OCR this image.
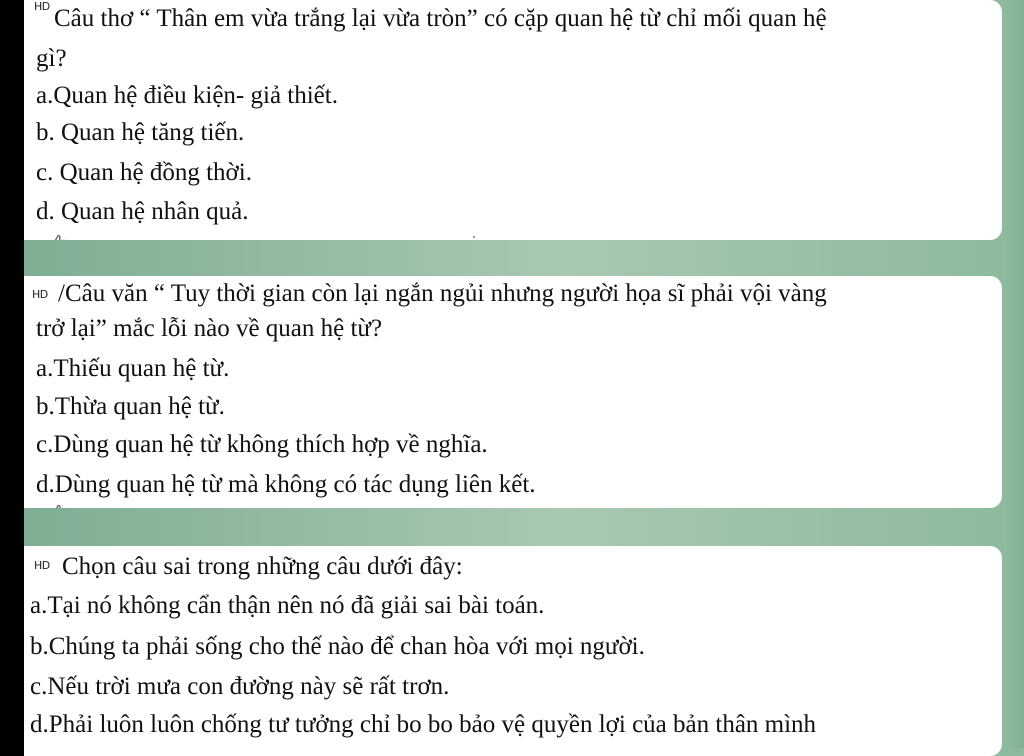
HD Câu thơ “ Thân em vừa trắng lại vừa tròn” có cặp quan hệ từ chỉ mối quan hệ
gì?
a.Quan hệ điều kiện- giả thiết.
b. Quan hệ tăng tiến.
c. Quan hệ đồng thời.
d. Quan hệ nhân quả.
HD /Câu văn “ Tuy thời gian còn lại ngắn ngủi nhưng người họa sĩ phải vội vàng
trở lại” mắc lỗi nào về quan hệ từ?
a.Thiếu quan hệ từ.
b.Thừa quan hệ từ.
c.Dùng quan hệ từ không thích hợp về nghĩa.
d.Dùng quan hệ từ mà không có tác dụng liên kết.
HD Chọn câu sai trong những câu dưới đây:
a.Tại nó không cẩn thận nên nó đã giải sai bài toán.
b.Chúng ta phải sống cho thế nào để chan hòa với mọi người.
c.Nếu trời mưa con đường này sẽ rất trơn.
d.Phải luôn luôn chống tư tưởng chỉ bo bo bảo vệ quyền lợi của bản thân mình
